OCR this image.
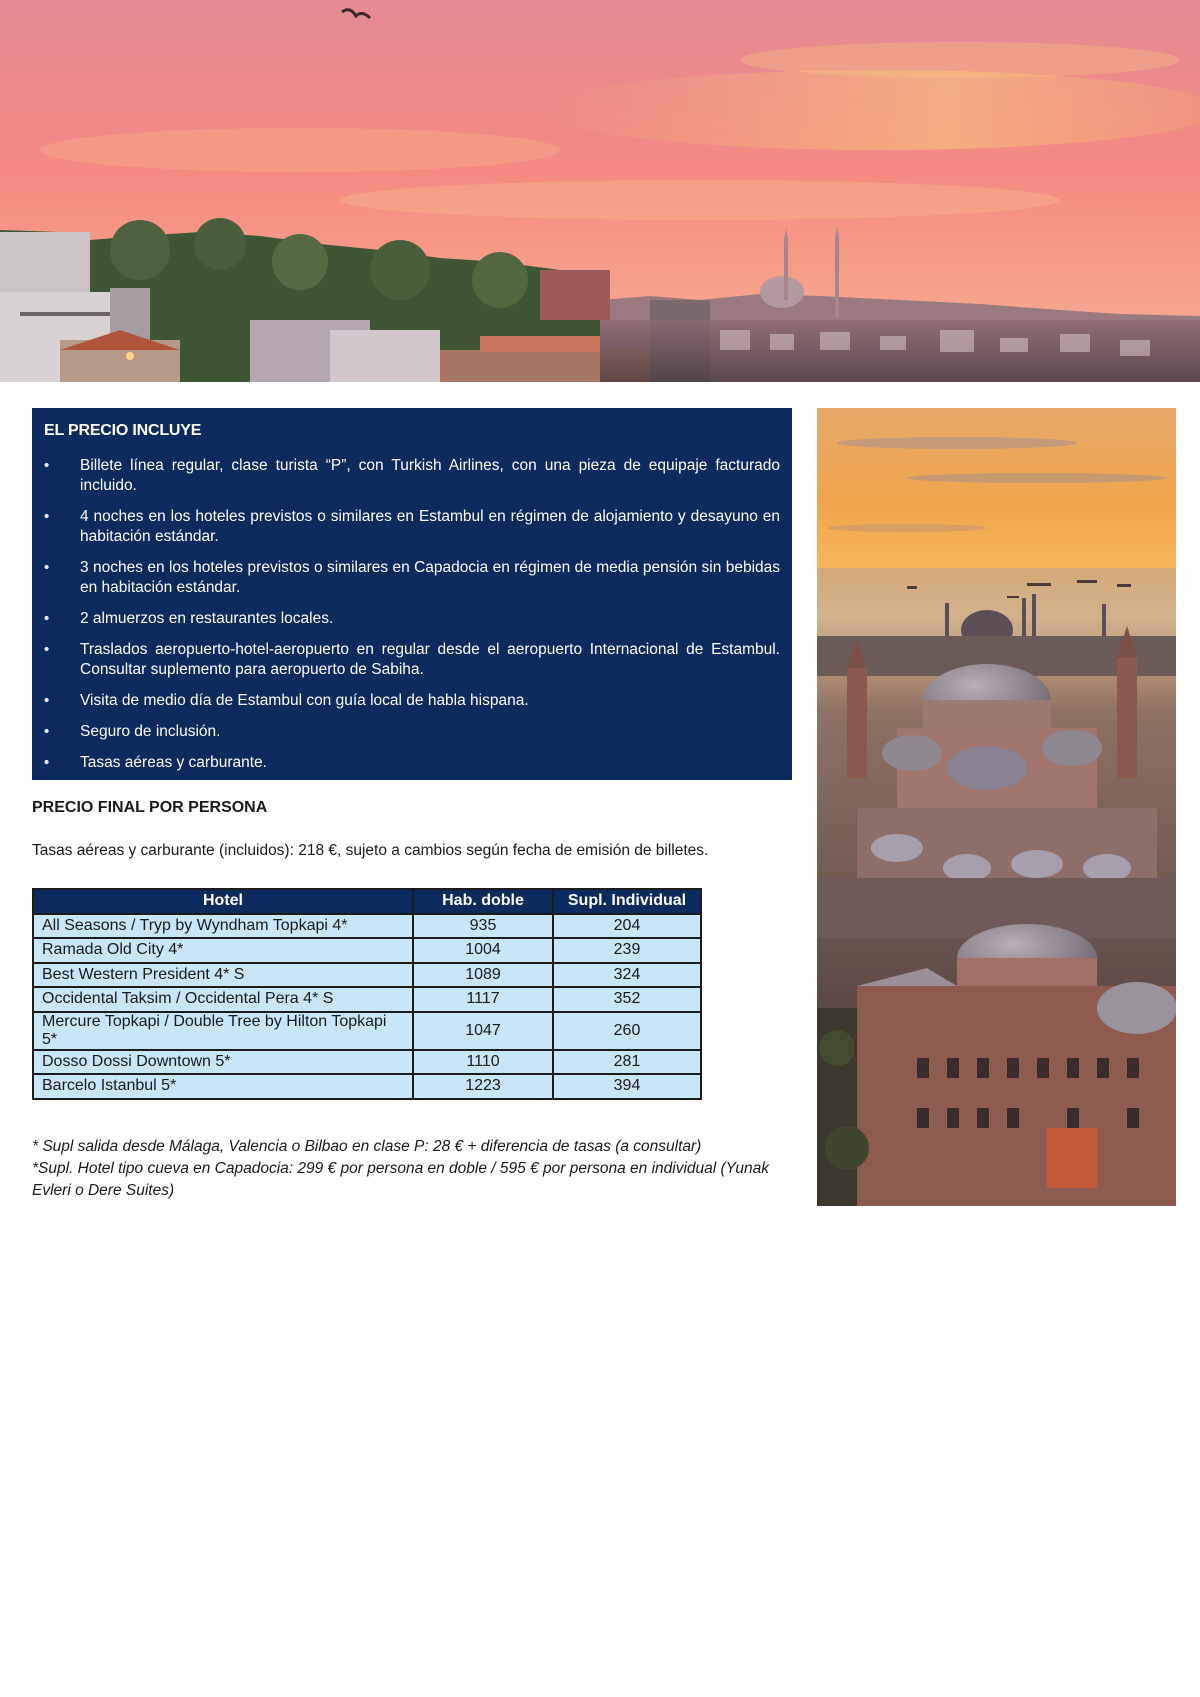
EL PRECIO INCLUYE
• Billete línea regular, clase turista “P”, con Turkish Airlines, con una pieza de equipaje facturado incluido.
• 4 noches en los hoteles previstos o similares en Estambul en régimen de alojamiento y desayuno en habitación estándar.
• 3 noches en los hoteles previstos o similares en Capadocia en régimen de media pensión sin bebidas en habitación estándar.
• 2 almuerzos en restaurantes locales.
• Traslados aeropuerto-hotel-aeropuerto en regular desde el aeropuerto Internacional de Estambul. Consultar suplemento para aeropuerto de Sabiha.
• Visita de medio día de Estambul con guía local de habla hispana.
• Seguro de inclusión.
• Tasas aéreas y carburante.
PRECIO FINAL POR PERSONA

Tasas aéreas y carburante (incluidos): 218 €, sujeto a cambios según fecha de emisión de billetes.

Hotel	Hab. doble	Supl. Individual
All Seasons / Tryp by Wyndham Topkapi 4*	935	204
Ramada Old City 4*	1004	239
Best Western President 4* S	1089	324
Occidental Taksim / Occidental Pera 4* S	1117	352
Mercure Topkapi / Double Tree by Hilton Topkapi 5*	1047	260
Dosso Dossi Downtown 5*	1110	281
Barcelo Istanbul 5*	1223	394

* Supl salida desde Málaga, Valencia o Bilbao en clase P: 28 € + diferencia de tasas (a consultar)

*Supl. Hotel tipo cueva en Capadocia: 299 € por persona en doble / 595 € por persona en individual (Yunak Evleri o Dere Suites)
